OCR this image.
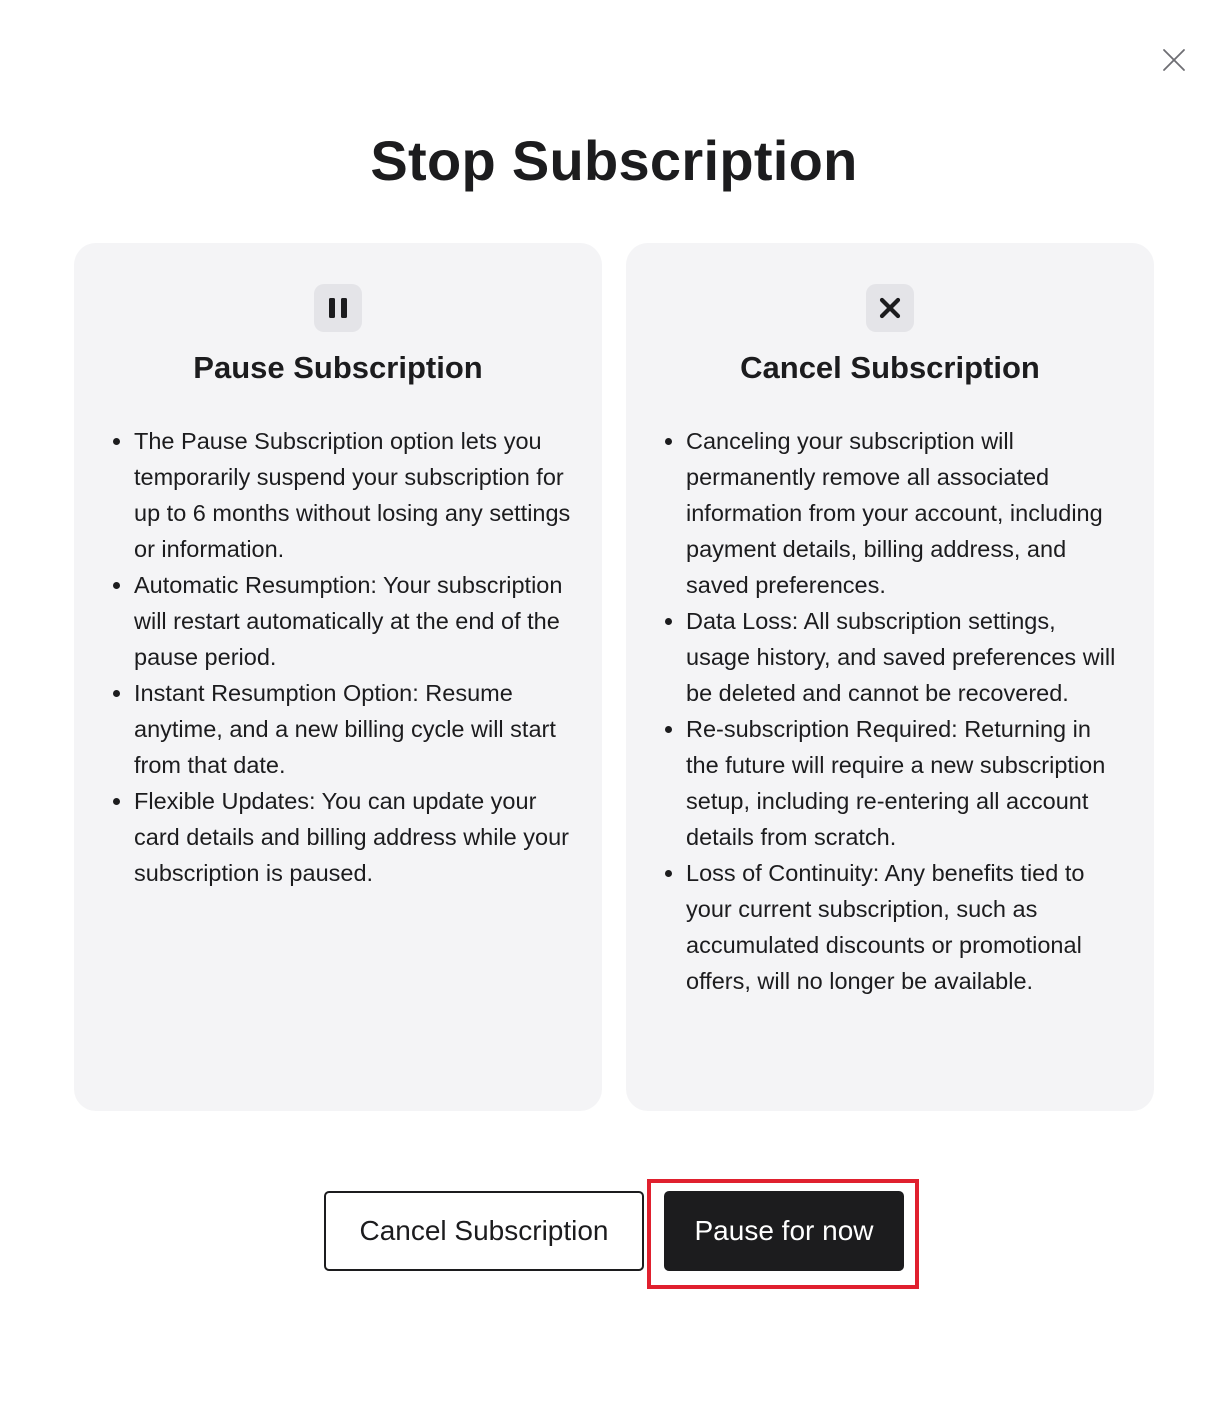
Stop Subscription
Pause Subscription
The Pause Subscription option lets you temporarily suspend your subscription for up to 6 months without losing any settings or information.
Automatic Resumption: Your subscription will restart automatically at the end of the pause period.
Instant Resumption Option: Resume anytime, and a new billing cycle will start from that date.
Flexible Updates: You can update your card details and billing address while your subscription is paused.
Cancel Subscription
Canceling your subscription will permanently remove all associated information from your account, including payment details, billing address, and saved preferences.
Data Loss: All subscription settings, usage history, and saved preferences will be deleted and cannot be recovered.
Re-subscription Required: Returning in the future will require a new subscription setup, including re-entering all account details from scratch.
Loss of Continuity: Any benefits tied to your current subscription, such as accumulated discounts or promotional offers, will no longer be available.
Cancel Subscription	Pause for now
